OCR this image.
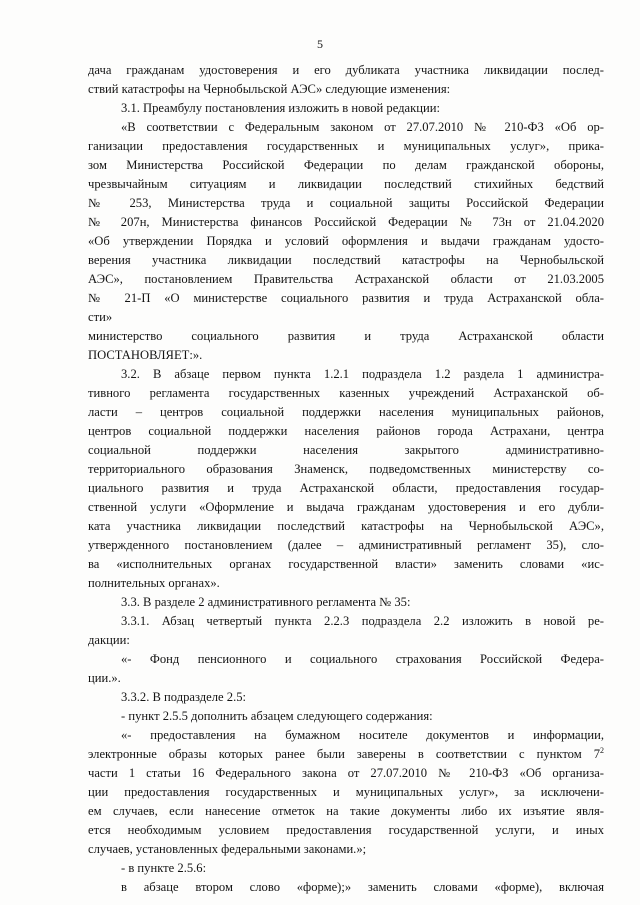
5
дача гражданам удостоверения и его дубликата участника ликвидации послед-
ствий катастрофы на Чернобыльской АЭС» следующие изменения:
3.1. Преамбулу постановления изложить в новой редакции:
«В соответствии с Федеральным законом от 27.07.2010 № 210-ФЗ «Об ор-
ганизации предоставления государственных и муниципальных услуг», прика-
зом Министерства Российской Федерации по делам гражданской обороны,
чрезвычайным ситуациям и ликвидации последствий стихийных бедствий
№ 253, Министерства труда и социальной защиты Российской Федерации
№ 207н, Министерства финансов Российской Федерации № 73н от 21.04.2020
«Об утверждении Порядка и условий оформления и выдачи гражданам удосто-
верения участника ликвидации последствий катастрофы на Чернобыльской
АЭС», постановлением Правительства Астраханской области от 21.03.2005
№ 21-П «О министерстве социального развития и труда Астраханской обла-
сти»
министерство социального развития и труда Астраханской области
ПОСТАНОВЛЯЕТ:».
3.2. В абзаце первом пункта 1.2.1 подраздела 1.2 раздела 1 администра-
тивного регламента государственных казенных учреждений Астраханской об-
ласти – центров социальной поддержки населения муниципальных районов,
центров социальной поддержки населения районов города Астрахани, центра
социальной поддержки населения закрытого административно-
территориального образования Знаменск, подведомственных министерству со-
циального развития и труда Астраханской области, предоставления государ-
ственной услуги «Оформление и выдача гражданам удостоверения и его дубли-
ката участника ликвидации последствий катастрофы на Чернобыльской АЭС»,
утвержденного постановлением (далее – административный регламент 35), сло-
ва «исполнительных органах государственной власти» заменить словами «ис-
полнительных органах».
3.3. В разделе 2 административного регламента № 35:
3.3.1. Абзац четвертый пункта 2.2.3 подраздела 2.2 изложить в новой ре-
дакции:
«- Фонд пенсионного и социального страхования Российской Федера-
ции.».
3.3.2. В подразделе 2.5:
- пункт 2.5.5 дополнить абзацем следующего содержания:
«- предоставления на бумажном носителе документов и информации,
электронные образы которых ранее были заверены в соответствии с пунктом $7^2$
части 1 статьи 16 Федерального закона от 27.07.2010 № 210-ФЗ «Об организа-
ции предоставления государственных и муниципальных услуг», за исключени-
ем случаев, если нанесение отметок на такие документы либо их изъятие явля-
ется необходимым условием предоставления государственной услуги, и иных
случаев, установленных федеральными законами.»;
- в пункте 2.5.6:
в абзаце втором слово «форме);» заменить словами «форме), включая
